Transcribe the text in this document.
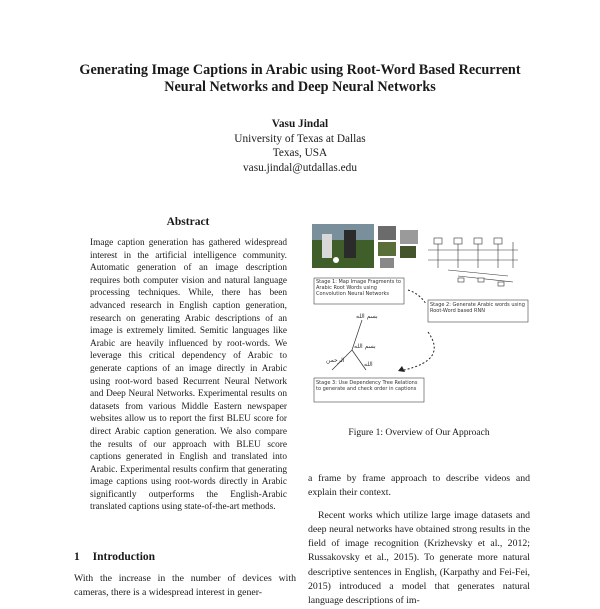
Generating Image Captions in Arabic using Root-Word Based Recurrent Neural Networks and Deep Neural Networks
Vasu Jindal
University of Texas at Dallas
Texas, USA
vasu.jindal@utdallas.edu
Abstract
Image caption generation has gathered widespread interest in the artificial intelligence community. Automatic generation of an image description requires both computer vision and natural language processing techniques. While, there has been advanced research in English caption generation, research on generating Arabic descriptions of an image is extremely limited. Semitic languages like Arabic are heavily influenced by root-words. We leverage this critical dependency of Arabic to generate captions of an image directly in Arabic using root-word based Recurrent Neural Network and Deep Neural Networks. Experimental results on datasets from various Middle Eastern newspaper websites allow us to report the first BLEU score for direct Arabic caption generation. We also compare the results of our approach with BLEU score captions generated in English and translated into Arabic. Experimental results confirm that generating image captions using root-words directly in Arabic significantly outperforms the English-Arabic translated captions using state-of-the-art methods.
1 Introduction
With the increase in the number of devices with cameras, there is a widespread interest in gener-
Stage 1: Map Image Fragments to Arabic Root Words using Convolution Neural Networks
Stage 2: Generate Arabic words using Root-Word based RNN
بسم الله
بسم الله
الرحمن
الله
Stage 3: Use Dependency Tree Relations to generate and check order in captions
Figure 1: Overview of Our Approach

a frame by frame approach to describe videos and explain their context.

Recent works which utilize large image datasets and deep neural networks have obtained strong results in the field of image recognition (Krizhevsky et al., 2012; Russakovsky et al., 2015). To generate more natural descriptive sentences in English, (Karpathy and Fei-Fei, 2015) introduced a model that generates natural language descriptions of im-
